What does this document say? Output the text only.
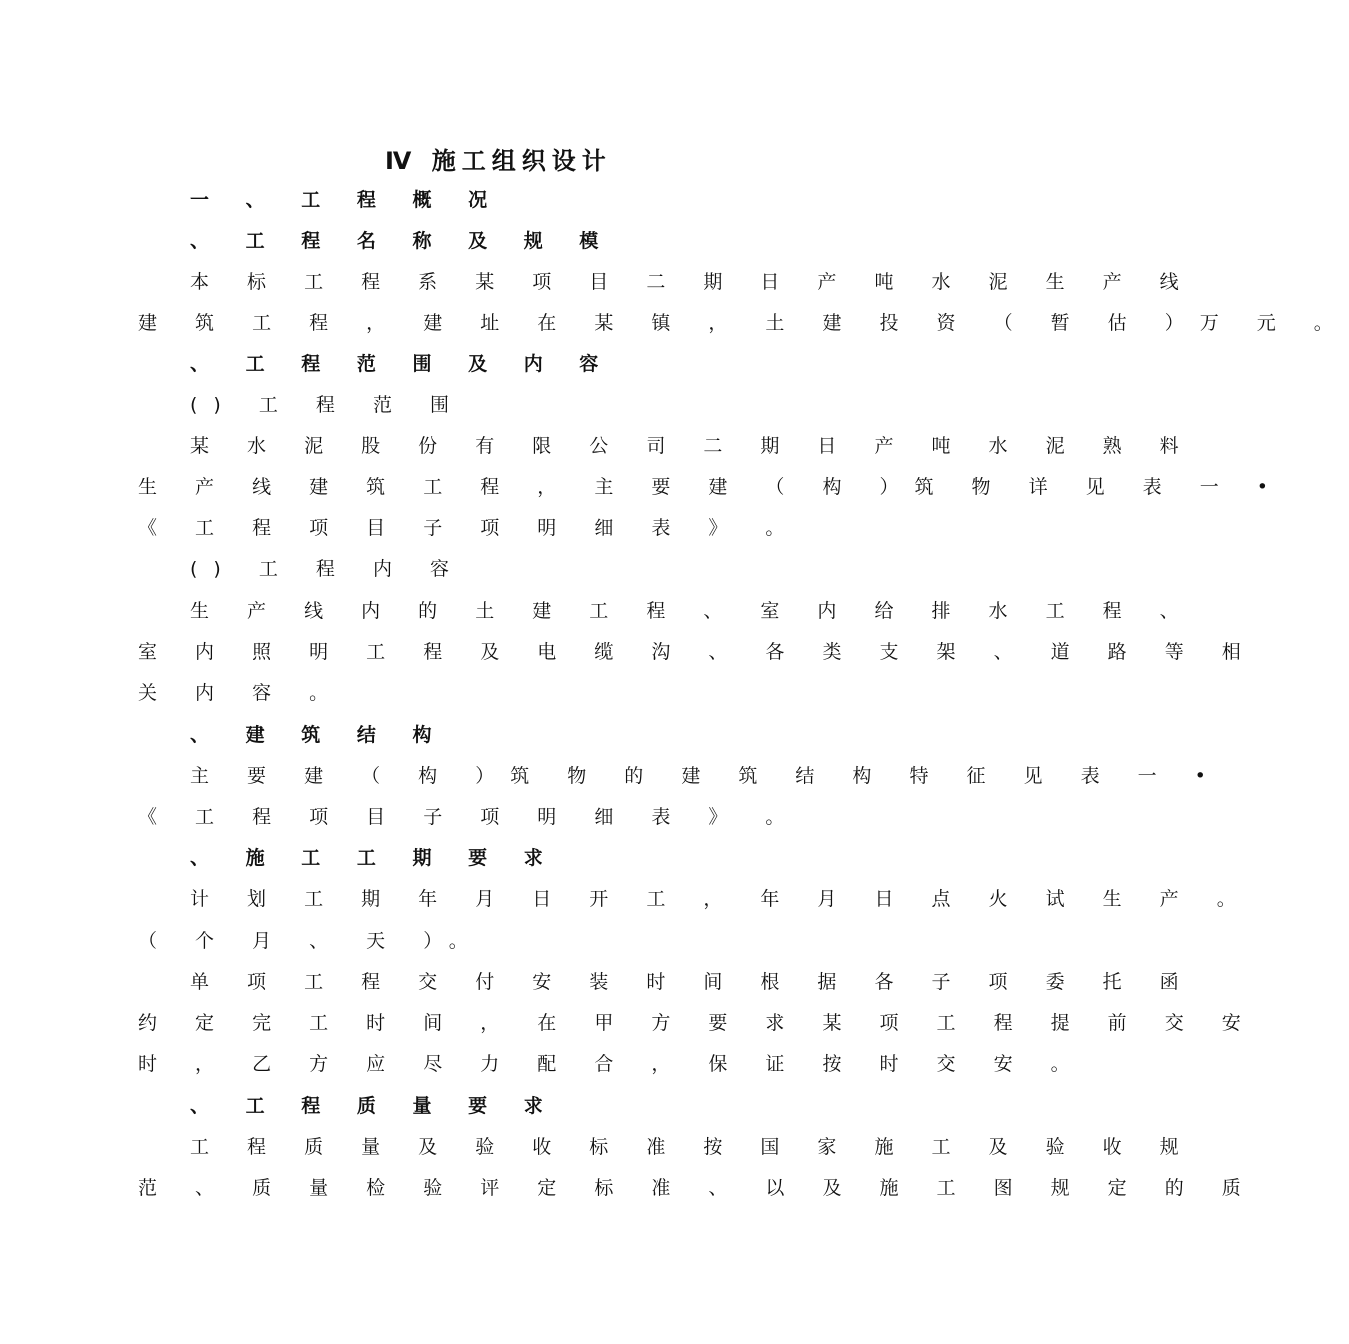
Ⅳ 施工组织设计
一 、 工 程 概 况
、 工 程 名 称 及 规 模
本 标 工 程 系 某 项 目 二 期 日 产 吨 水 泥 生 产 线
建 筑 工 程 ， 建 址 在 某 镇 ， 土 建 投 资 （ 暂 估 ）万 元 。
、 工 程 范 围 及 内 容
() 工 程 范 围
某 水 泥 股 份 有 限 公 司 二 期 日 产 吨 水 泥 熟 料
生 产 线 建 筑 工 程 ， 主 要 建 （ 构 ）筑 物 详 见 表 一 •
《 工 程 项 目 子 项 明 细 表 》 。
() 工 程 内 容
生 产 线 内 的 土 建 工 程 、 室 内 给 排 水 工 程 、
室 内 照 明 工 程 及 电 缆 沟 、 各 类 支 架 、 道 路 等 相
关 内 容 。
、 建 筑 结 构
主 要 建 （ 构 ）筑 物 的 建 筑 结 构 特 征 见 表 一 •
《 工 程 项 目 子 项 明 细 表 》 。
、 施 工 工 期 要 求
计 划 工 期 年 月 日 开 工 ， 年 月 日 点 火 试 生 产 。
（ 个 月 、 天 ）。
单 项 工 程 交 付 安 装 时 间 根 据 各 子 项 委 托 函
约 定 完 工 时 间 ， 在 甲 方 要 求 某 项 工 程 提 前 交 安
时 ， 乙 方 应 尽 力 配 合 ， 保 证 按 时 交 安 。
、 工 程 质 量 要 求
工 程 质 量 及 验 收 标 准 按 国 家 施 工 及 验 收 规
范 、 质 量 检 验 评 定 标 准 、 以 及 施 工 图 规 定 的 质
